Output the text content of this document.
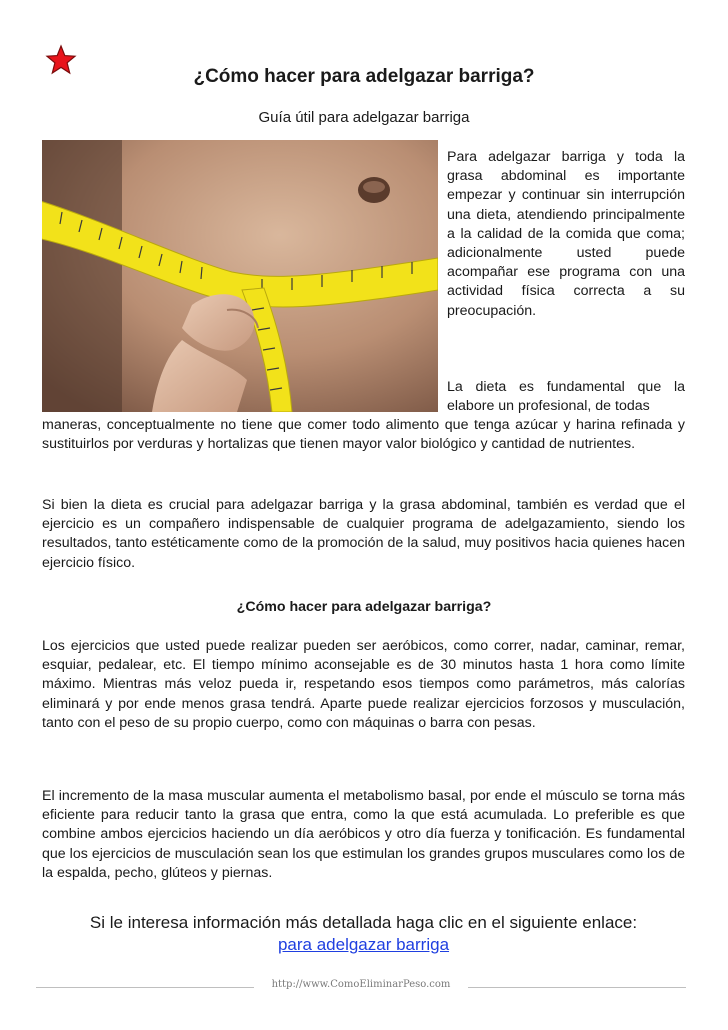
¿Cómo hacer para adelgazar barriga?
Guía útil para adelgazar barriga

Para adelgazar barriga y toda la grasa abdominal es importante empezar y continuar sin interrupción una dieta, atendiendo principalmente a la calidad de la comida que coma; adicionalmente usted puede acompañar ese programa con una actividad física correcta a su preocupación.

La dieta es fundamental que la elabore un profesional, de todas

maneras, conceptualmente no tiene que comer todo alimento que tenga azúcar y harina refinada y sustituirlos por verduras y hortalizas que tienen mayor valor biológico y cantidad de nutrientes.

Si bien la dieta es crucial para adelgazar barriga y la grasa abdominal, también es verdad que el ejercicio es un compañero indispensable de cualquier programa de adelgazamiento, siendo los resultados, tanto estéticamente como de la promoción de la salud, muy positivos hacia quienes hacen ejercicio físico.

¿Cómo hacer para adelgazar barriga?

Los ejercicios que usted puede realizar pueden ser aeróbicos, como correr, nadar, caminar, remar, esquiar, pedalear, etc. El tiempo mínimo aconsejable es de 30 minutos hasta 1 hora como límite máximo. Mientras más veloz pueda ir, respetando esos tiempos como parámetros, más calorías eliminará y por ende menos grasa tendrá. Aparte puede realizar ejercicios forzosos y musculación, tanto con el peso de su propio cuerpo, como con máquinas o barra con pesas.

El incremento de la masa muscular aumenta el metabolismo basal, por ende el músculo se torna más eficiente para reducir tanto la grasa que entra, como la que está acumulada. Lo preferible es que combine ambos ejercicios haciendo un día aeróbicos y otro día fuerza y tonificación. Es fundamental que los ejercicios de musculación sean los que estimulan los grandes grupos musculares como los de la espalda, pecho, glúteos y piernas.

Si le interesa información más detallada haga clic en el siguiente enlace:
para adelgazar barriga
http://www.ComoEliminarPeso.com
